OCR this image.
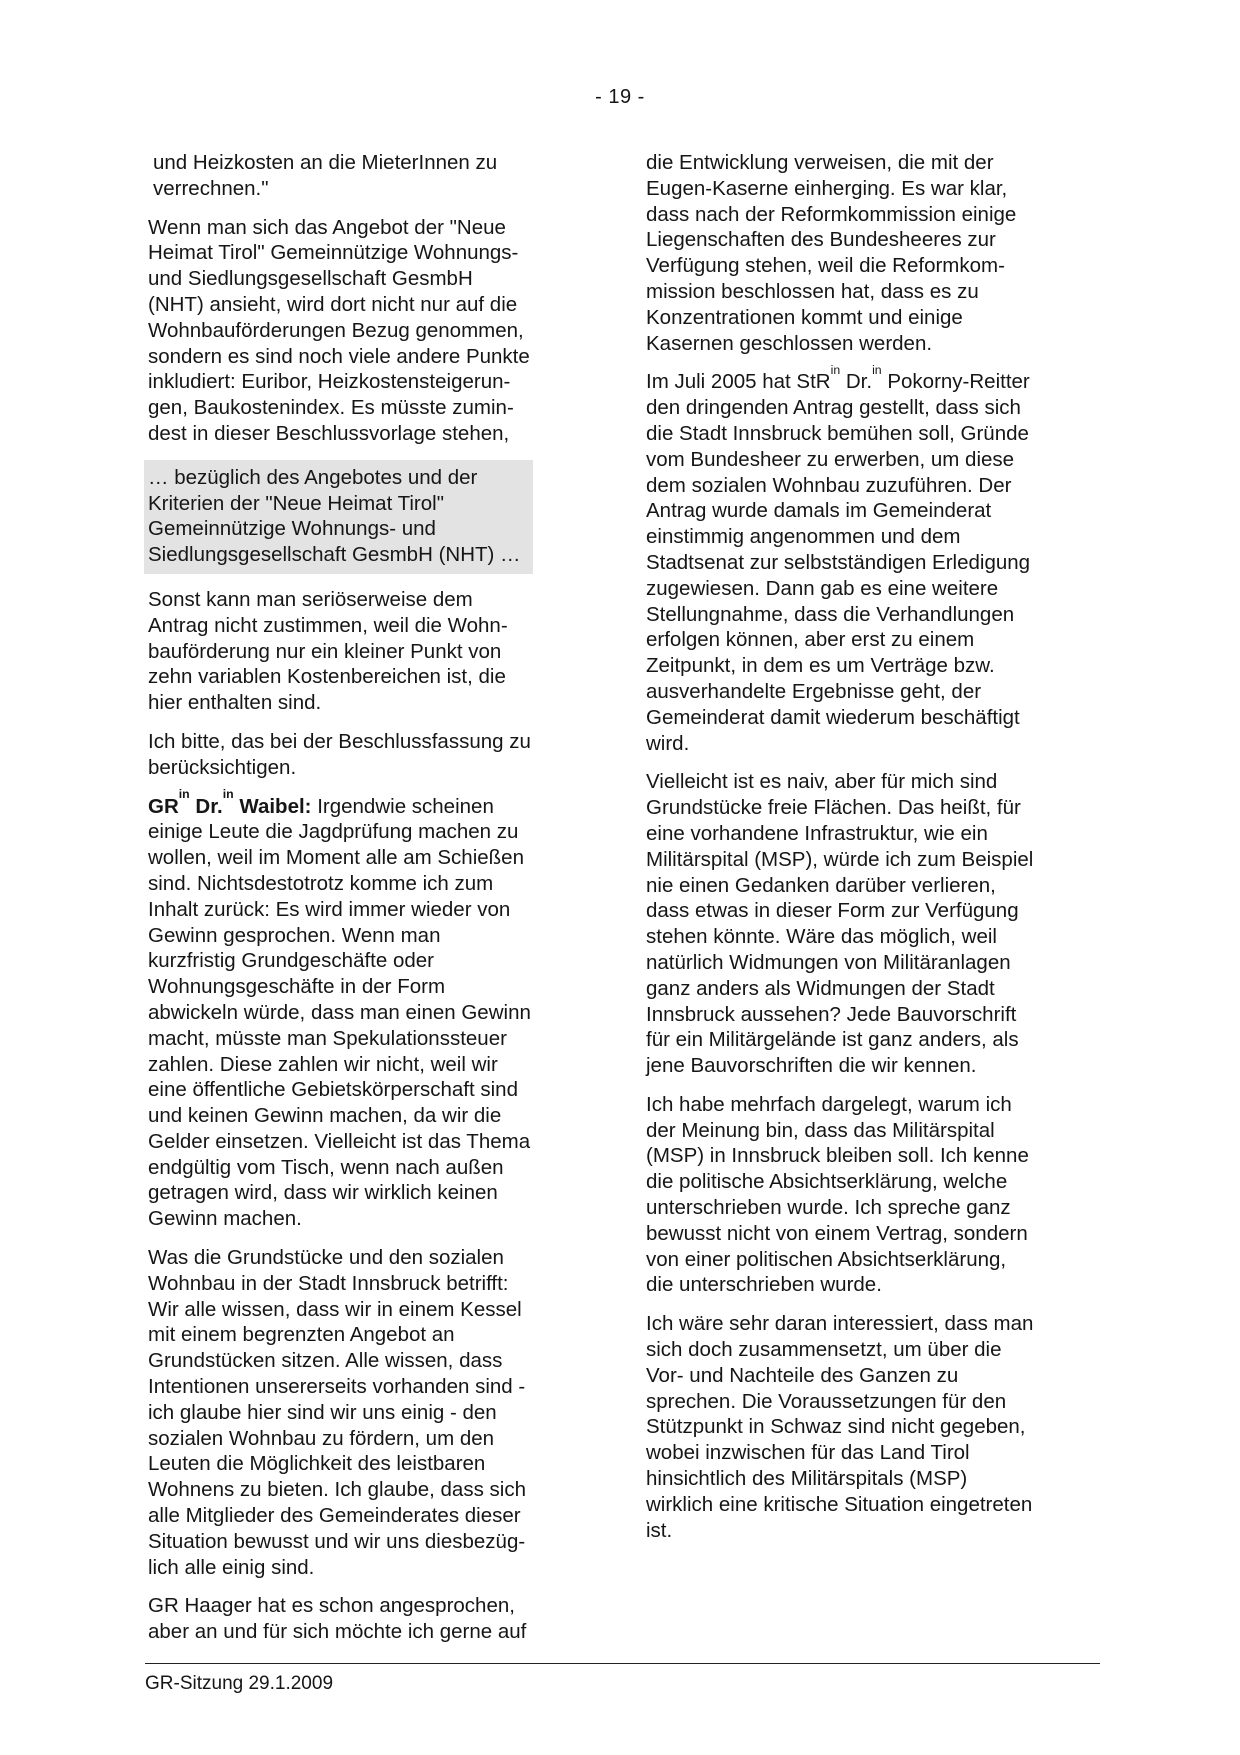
- 19 -

und Heizkosten an die MieterInnen zu verrechnen."

Wenn man sich das Angebot der "Neue Heimat Tirol" Gemeinnützige Wohnungs- und Siedlungsgesellschaft GesmbH (NHT) ansieht, wird dort nicht nur auf die Wohnbauförderungen Bezug genommen, sondern es sind noch viele andere Punkte inkludiert: Euribor, Heizkostensteigerungen, Baukostenindex. Es müsste zumindest in dieser Beschlussvorlage stehen,

… bezüglich des Angebotes und der Kriterien der "Neue Heimat Tirol" Gemeinnützige Wohnungs- und Siedlungsgesellschaft GesmbH (NHT) …

Sonst kann man seriöserweise dem Antrag nicht zustimmen, weil die Wohnbauförderung nur ein kleiner Punkt von zehn variablen Kostenbereichen ist, die hier enthalten sind.

Ich bitte, das bei der Beschlussfassung zu berücksichtigen.

$GR^{in}$ Dr.$^{in}$ Waibel: Irgendwie scheinen einige Leute die Jagdprüfung machen zu wollen, weil im Moment alle am Schießen sind. Nichtsdestotrotz komme ich zum Inhalt zurück: Es wird immer wieder von Gewinn gesprochen. Wenn man kurzfristig Grundgeschäfte oder Wohnungsgeschäfte in der Form abwickeln würde, dass man einen Gewinn macht, müsste man Spekulationssteuer zahlen. Diese zahlen wir nicht, weil wir eine öffentliche Gebietskörperschaft sind und keinen Gewinn machen, da wir die Gelder einsetzen. Vielleicht ist das Thema endgültig vom Tisch, wenn nach außen getragen wird, dass wir wirklich keinen Gewinn machen.

Was die Grundstücke und den sozialen Wohnbau in der Stadt Innsbruck betrifft: Wir alle wissen, dass wir in einem Kessel mit einem begrenzten Angebot an Grundstücken sitzen. Alle wissen, dass Intentionen unsererseits vorhanden sind - ich glaube hier sind wir uns einig - den sozialen Wohnbau zu fördern, um den Leuten die Möglichkeit des leistbaren Wohnens zu bieten. Ich glaube, dass sich alle Mitglieder des Gemeinderates dieser Situation bewusst und wir uns diesbezüglich alle einig sind.

GR Haager hat es schon angesprochen, aber an und für sich möchte ich gerne auf

die Entwicklung verweisen, die mit der Eugen-Kaserne einherging. Es war klar, dass nach der Reformkommission einige Liegenschaften des Bundesheeres zur Verfügung stehen, weil die Reformkommission beschlossen hat, dass es zu Konzentrationen kommt und einige Kasernen geschlossen werden.

Im Juli 2005 hat StR$^{in}$ Dr.$^{in}$ Pokorny-Reitter den dringenden Antrag gestellt, dass sich die Stadt Innsbruck bemühen soll, Gründe vom Bundesheer zu erwerben, um diese dem sozialen Wohnbau zuzuführen. Der Antrag wurde damals im Gemeinderat einstimmig angenommen und dem Stadtsenat zur selbstständigen Erledigung zugewiesen. Dann gab es eine weitere Stellungnahme, dass die Verhandlungen erfolgen können, aber erst zu einem Zeitpunkt, in dem es um Verträge bzw. ausverhandelte Ergebnisse geht, der Gemeinderat damit wiederum beschäftigt wird.

Vielleicht ist es naiv, aber für mich sind Grundstücke freie Flächen. Das heißt, für eine vorhandene Infrastruktur, wie ein Militärspital (MSP), würde ich zum Beispiel nie einen Gedanken darüber verlieren, dass etwas in dieser Form zur Verfügung stehen könnte. Wäre das möglich, weil natürlich Widmungen von Militäranlagen ganz anders als Widmungen der Stadt Innsbruck aussehen? Jede Bauvorschrift für ein Militärgelände ist ganz anders, als jene Bauvorschriften die wir kennen.

Ich habe mehrfach dargelegt, warum ich der Meinung bin, dass das Militärspital (MSP) in Innsbruck bleiben soll. Ich kenne die politische Absichtserklärung, welche unterschrieben wurde. Ich spreche ganz bewusst nicht von einem Vertrag, sondern von einer politischen Absichtserklärung, die unterschrieben wurde.

Ich wäre sehr daran interessiert, dass man sich doch zusammensetzt, um über die Vor- und Nachteile des Ganzen zu sprechen. Die Voraussetzungen für den Stützpunkt in Schwaz sind nicht gegeben, wobei inzwischen für das Land Tirol hinsichtlich des Militärspitals (MSP) wirklich eine kritische Situation eingetreten ist.

GR-Sitzung 29.1.2009
